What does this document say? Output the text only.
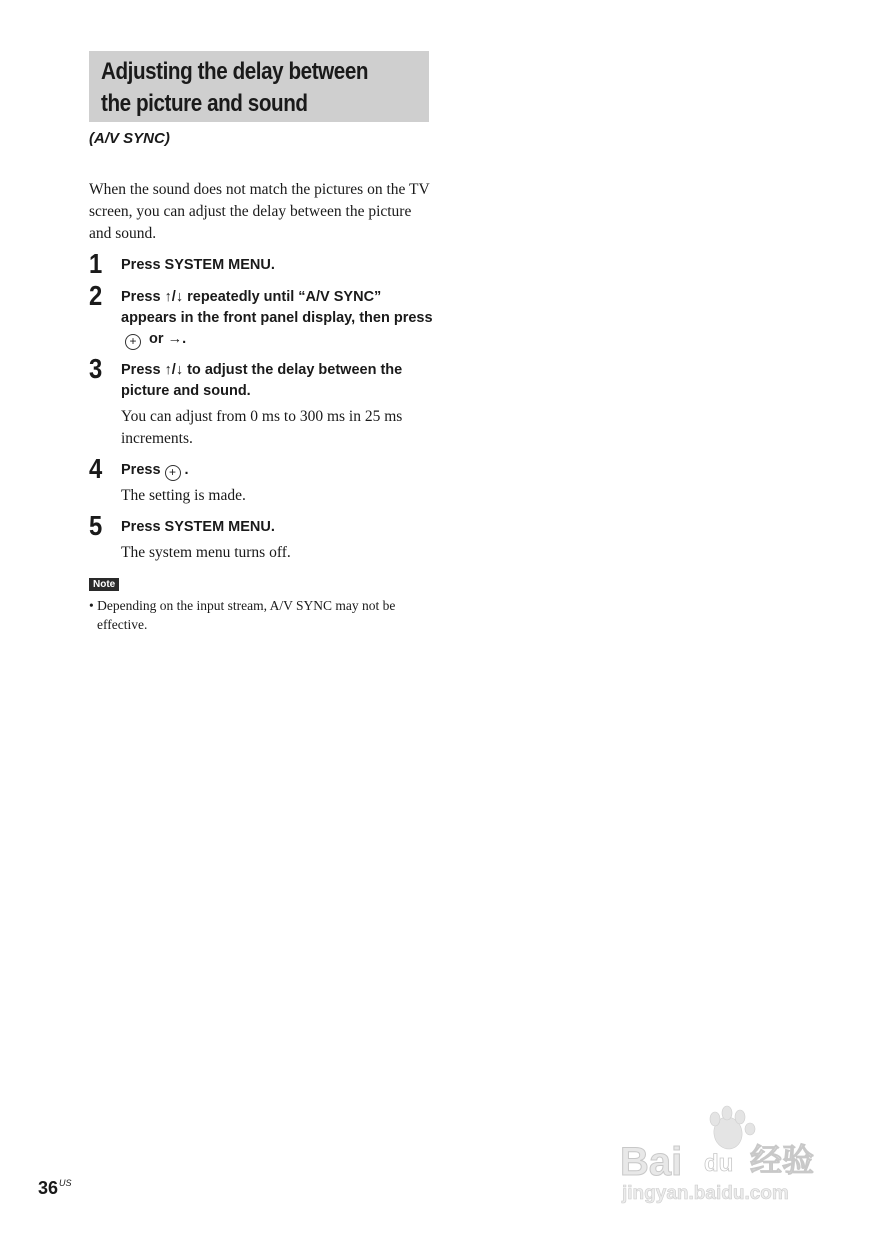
Adjusting the delay between
the picture and sound
(A/V SYNC)
When the sound does not match the pictures on the TV screen, you can adjust the delay between the picture and sound.
1 Press SYSTEM MENU.
2 Press ↑/↓ repeatedly until “A/V SYNC” appears in the front panel display, then press+ or →.
3 Press ↑/↓ to adjust the delay between the picture and sound.
You can adjust from 0 ms to 300 ms in 25 ms increments.
4 Press + .
The setting is made.
5 Press SYSTEM MENU.
The system menu turns off.
Note
• Depending on the input stream, A/V SYNC may not be effective.
$36^{US}$	Bai du 经验
jingyan.baidu.com
